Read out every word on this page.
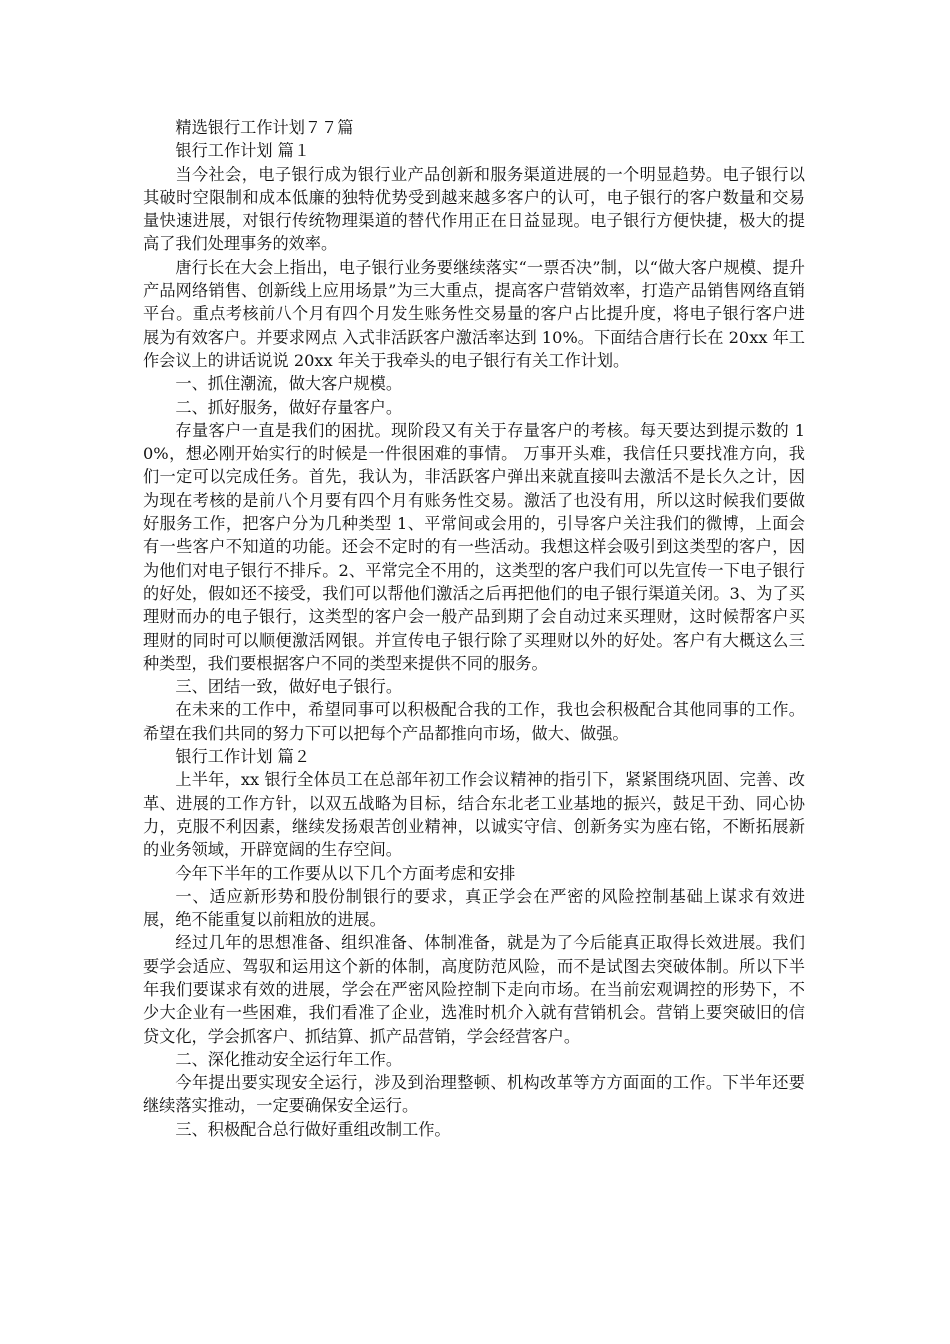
精选银行工作计划７７篇

银行工作计划 篇１

当今社会，电子银行成为银行业产品创新和服务渠道进展的一个明显趋势。电子银行以其破时空限制和成本低廉的独特优势受到越来越多客户的认可，电子银行的客户数量和交易量快速进展，对银行传统物理渠道的替代作用正在日益显现。电子银行方便快捷，极大的提高了我们处理事务的效率。

唐行长在大会上指出，电子银行业务要继续落实“一票否决”制，以“做大客户规模、提升产品网络销售、创新线上应用场景”为三大重点，提高客户营销效率，打造产品销售网络直销平台。重点考核前八个月有四个月发生账务性交易量的客户占比提升度，将电子银行客户进展为有效客户。并要求网点 入式非活跃客户激活率达到 10%。下面结合唐行长在 20xx 年工作会议上的讲话说说 20xx 年关于我牵头的电子银行有关工作计划。

一、抓住潮流，做大客户规模。

二、抓好服务，做好存量客户。

存量客户一直是我们的困扰。现阶段又有关于存量客户的考核。每天要达到提示数的 10%，想必刚开始实行的时候是一件很困难的事情。 万事开头难，我信任只要找准方向，我们一定可以完成任务。首先，我认为，非活跃客户弹出来就直接叫去激活不是长久之计，因为现在考核的是前八个月要有四个月有账务性交易。激活了也没有用，所以这时候我们要做好服务工作，把客户分为几种类型 1、平常间或会用的，引导客户关注我们的微博，上面会有一些客户不知道的功能。还会不定时的有一些活动。我想这样会吸引到这类型的客户，因为他们对电子银行不排斥。2、平常完全不用的，这类型的客户我们可以先宣传一下电子银行的好处，假如还不接受，我们可以帮他们激活之后再把他们的电子银行渠道关闭。3、为了买理财而办的电子银行，这类型的客户会一般产品到期了会自动过来买理财，这时候帮客户买理财的同时可以顺便激活网银。并宣传电子银行除了买理财以外的好处。客户有大概这么三种类型，我们要根据客户不同的类型来提供不同的服务。

三、团结一致，做好电子银行。

在未来的工作中，希望同事可以积极配合我的工作，我也会积极配合其他同事的工作。希望在我们共同的努力下可以把每个产品都推向市场，做大、做强。

银行工作计划 篇２

上半年，xx 银行全体员工在总部年初工作会议精神的指引下，紧紧围绕巩固、完善、改革、进展的工作方针，以双五战略为目标，结合东北老工业基地的振兴，鼓足干劲、同心协力，克服不利因素，继续发扬艰苦创业精神，以诚实守信、创新务实为座右铭，不断拓展新的业务领域，开辟宽阔的生存空间。

今年下半年的工作要从以下几个方面考虑和安排

一、适应新形势和股份制银行的要求，真正学会在严密的风险控制基础上谋求有效进展，绝不能重复以前粗放的进展。

经过几年的思想准备、组织准备、体制准备，就是为了今后能真正取得长效进展。我们要学会适应、驾驭和运用这个新的体制，高度防范风险，而不是试图去突破体制。所以下半年我们要谋求有效的进展，学会在严密风险控制下走向市场。在当前宏观调控的形势下，不少大企业有一些困难，我们看准了企业，选准时机介入就有营销机会。营销上要突破旧的信贷文化，学会抓客户、抓结算、抓产品营销，学会经营客户。

二、深化推动安全运行年工作。

今年提出要实现安全运行，涉及到治理整顿、机构改革等方方面面的工作。下半年还要继续落实推动，一定要确保安全运行。

三、积极配合总行做好重组改制工作。
